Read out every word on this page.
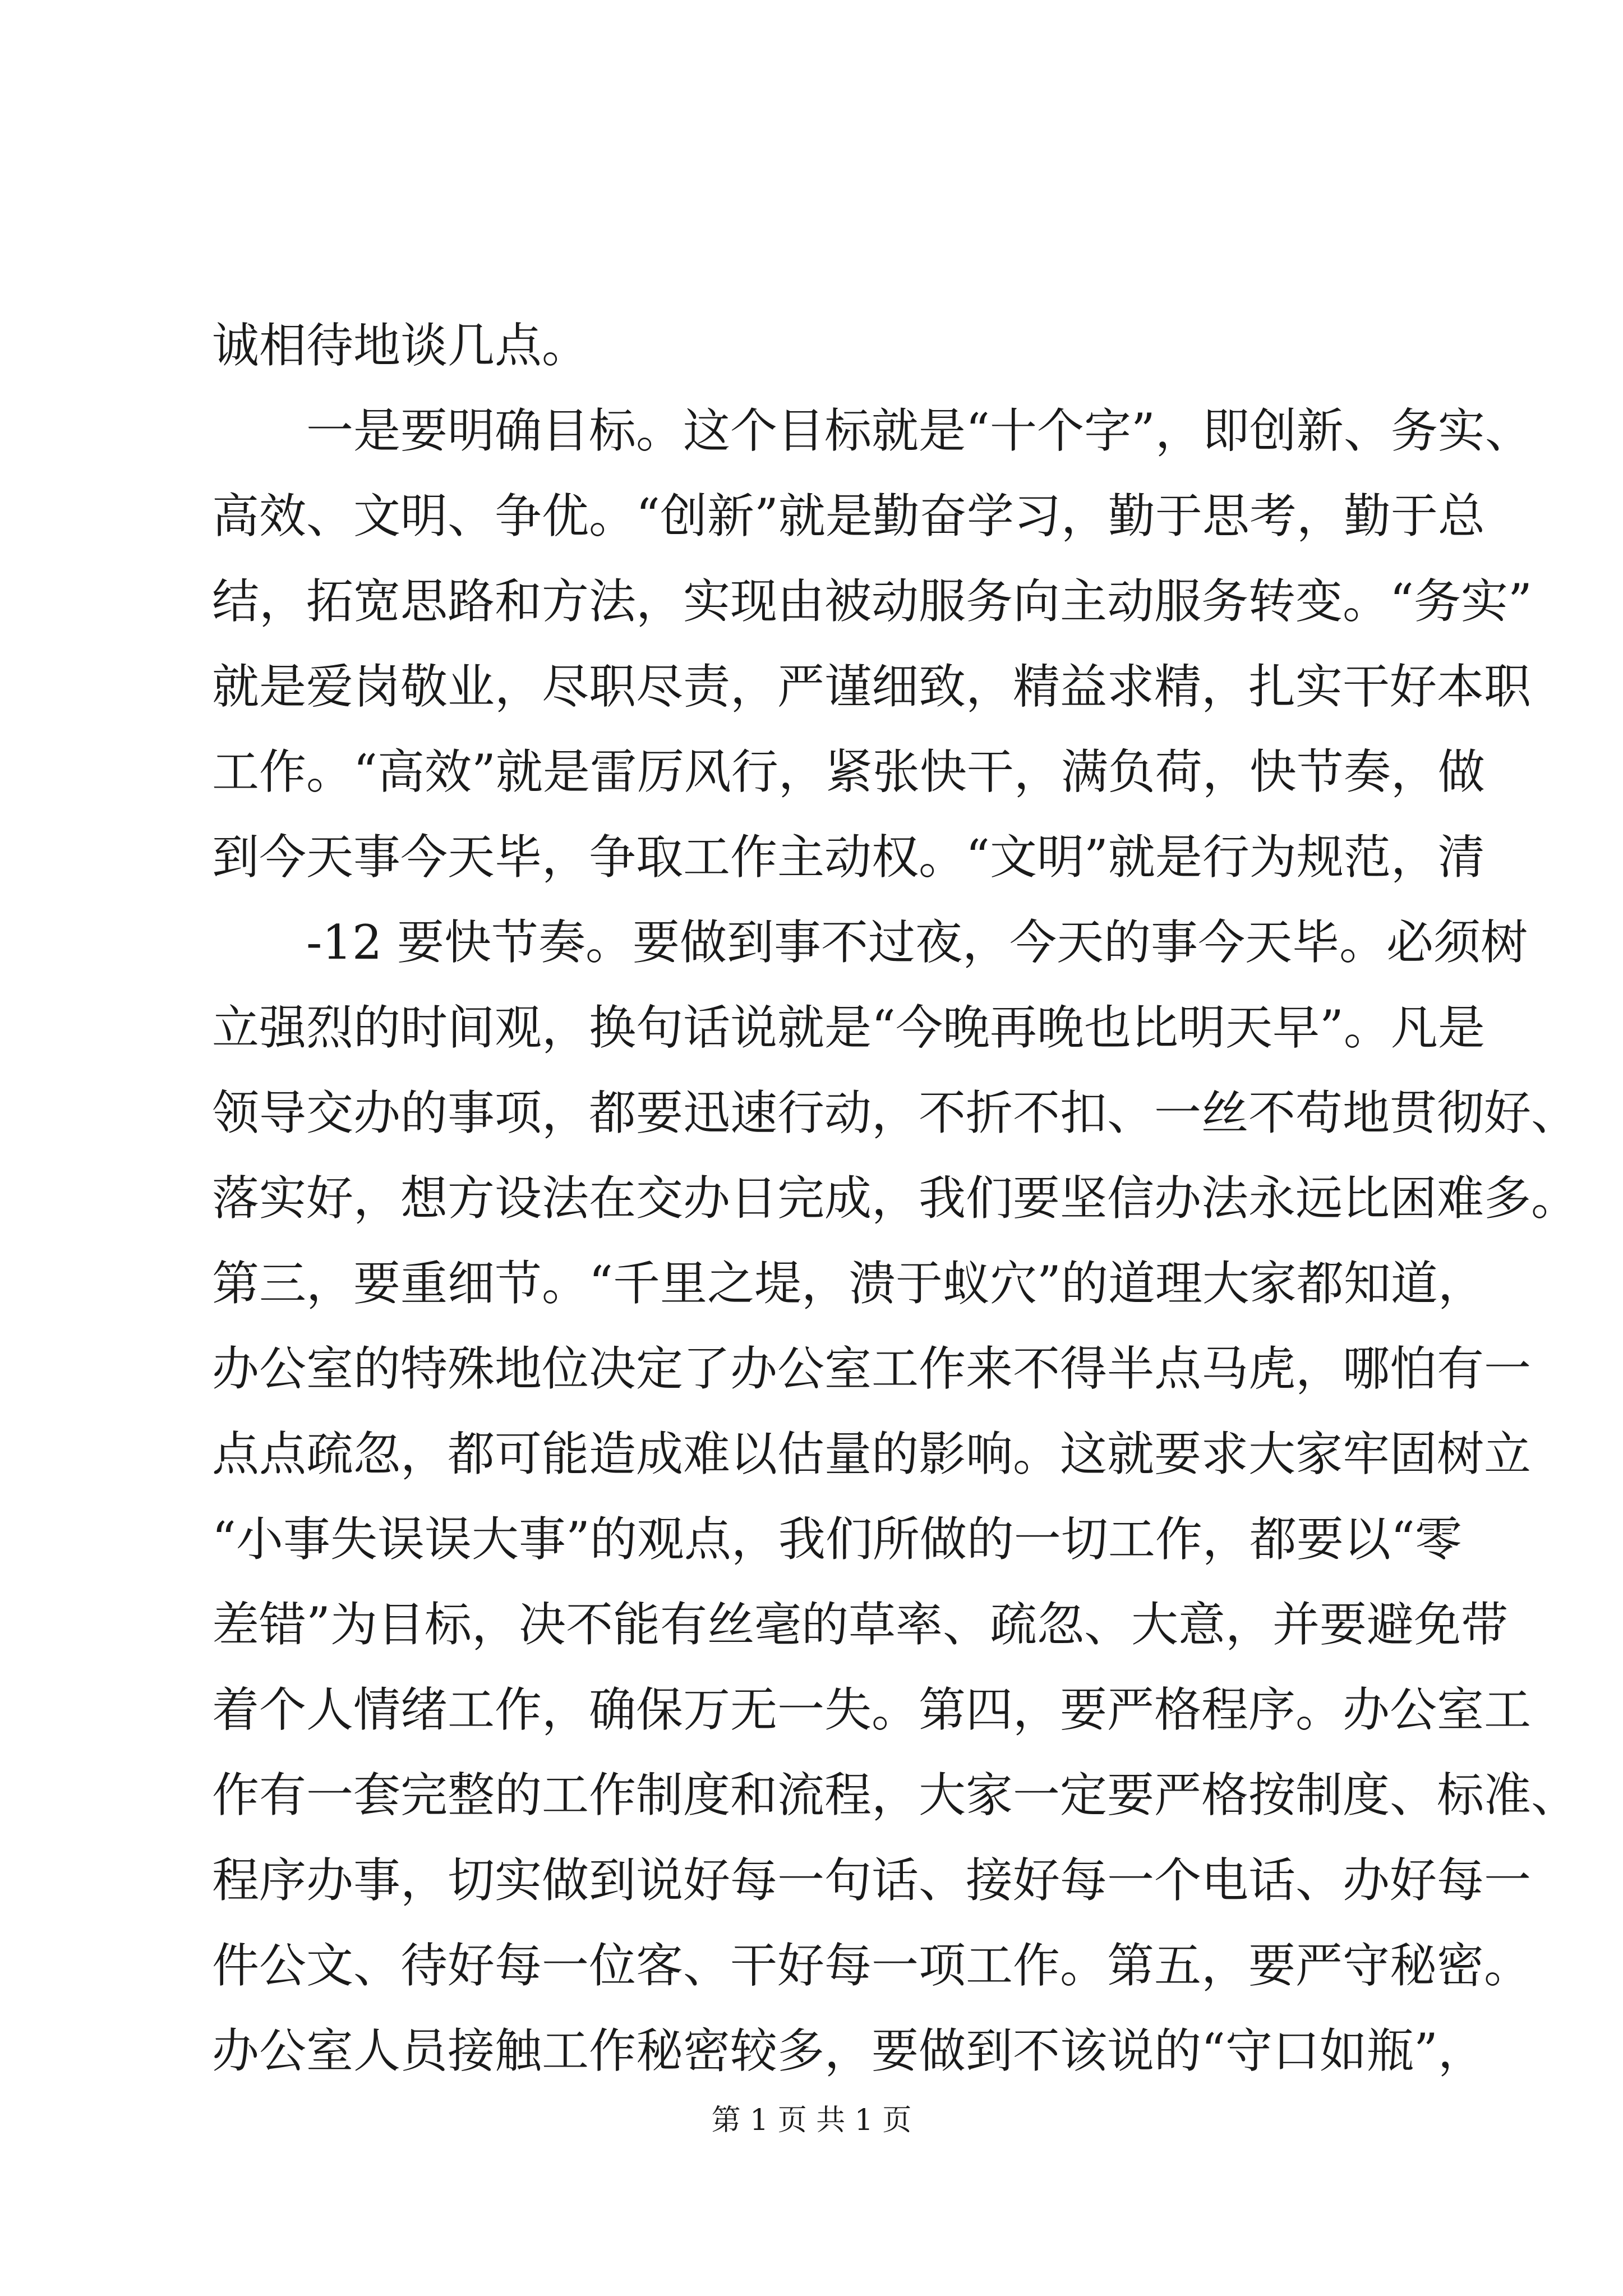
诚相待地谈几点。
一是要明确目标。这个目标就是“十个字”，即创新、务实、
高效、文明、争优。“创新”就是勤奋学习，勤于思考，勤于总
结，拓宽思路和方法，实现由被动服务向主动服务转变。“务实”
就是爱岗敬业，尽职尽责，严谨细致，精益求精，扎实干好本职
工作。“高效”就是雷厉风行，紧张快干，满负荷，快节奏，做
到今天事今天毕，争取工作主动权。“文明”就是行为规范，清
-12 要快节奏。要做到事不过夜，今天的事今天毕。必须树
立强烈的时间观，换句话说就是“今晚再晚也比明天早”。凡是
领导交办的事项，都要迅速行动，不折不扣、一丝不苟地贯彻好、
落实好，想方设法在交办日完成，我们要坚信办法永远比困难多。
第三，要重细节。“千里之堤，溃于蚁穴”的道理大家都知道，
办公室的特殊地位决定了办公室工作来不得半点马虎，哪怕有一
点点疏忽，都可能造成难以估量的影响。这就要求大家牢固树立
“小事失误误大事”的观点，我们所做的一切工作，都要以“零
差错”为目标，决不能有丝毫的草率、疏忽、大意，并要避免带
着个人情绪工作，确保万无一失。第四，要严格程序。办公室工
作有一套完整的工作制度和流程，大家一定要严格按制度、标准、
程序办事，切实做到说好每一句话、接好每一个电话、办好每一
件公文、待好每一位客、干好每一项工作。第五，要严守秘密。
办公室人员接触工作秘密较多，要做到不该说的“守口如瓶”，
第 1 页 共 1 页
